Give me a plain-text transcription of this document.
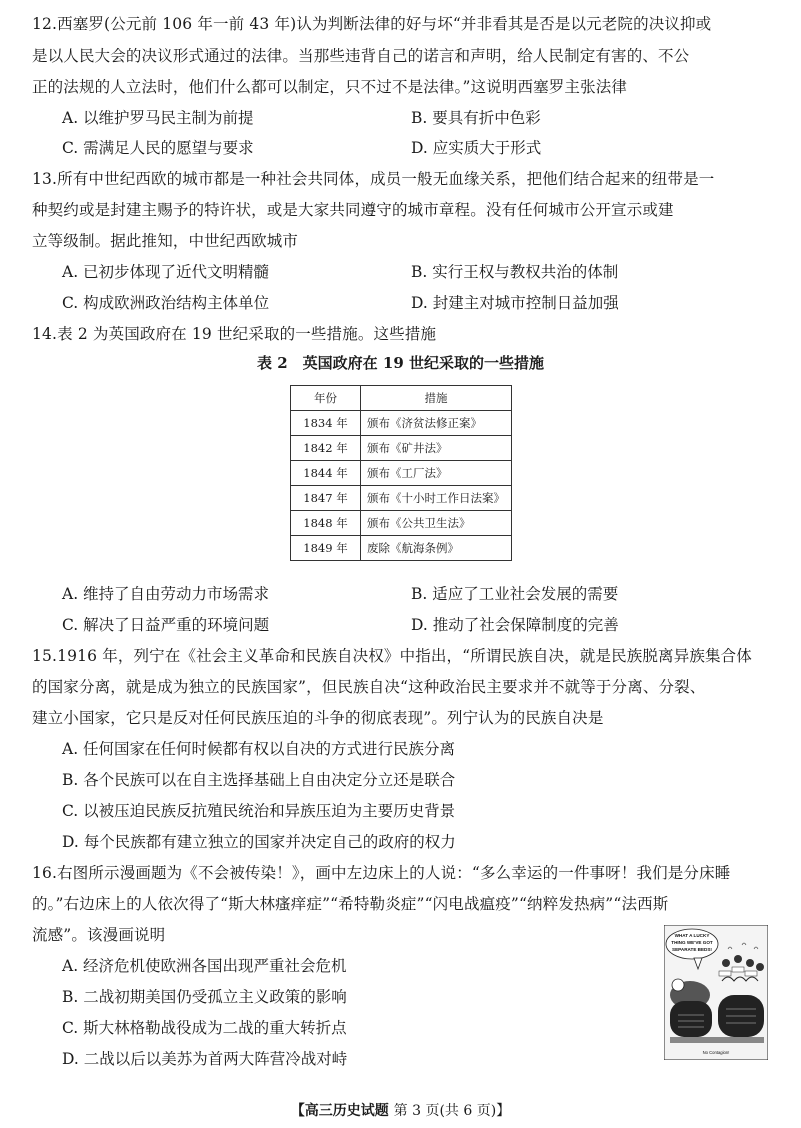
12.西塞罗(公元前 106 年一前 43 年)认为判断法律的好与坏“并非看其是否是以元老院的决议抑或
是以人民大会的决议形式通过的法律。当那些违背自己的诺言和声明，给人民制定有害的、不公
正的法规的人立法时，他们什么都可以制定，只不过不是法律。”这说明西塞罗主张法律
A. 以维护罗马民主制为前提	B. 要具有折中色彩
C. 需满足人民的愿望与要求	D. 应实质大于形式
13.所有中世纪西欧的城市都是一种社会共同体，成员一般无血缘关系，把他们结合起来的纽带是一
种契约或是封建主赐予的特许状，或是大家共同遵守的城市章程。没有任何城市公开宣示或建
立等级制。据此推知，中世纪西欧城市
A. 已初步体现了近代文明精髓	B. 实行王权与教权共治的体制
C. 构成欧洲政治结构主体单位	D. 封建主对城市控制日益加强
14.表 2 为英国政府在 19 世纪采取的一些措施。这些措施
表 2　英国政府在 19 世纪采取的一些措施
年份	措施
1834 年	颁布《济贫法修正案》
1842 年	颁布《矿井法》
1844 年	颁布《工厂法》
1847 年	颁布《十小时工作日法案》
1848 年	颁布《公共卫生法》
1849 年	废除《航海条例》
A. 维持了自由劳动力市场需求	B. 适应了工业社会发展的需要
C. 解决了日益严重的环境问题	D. 推动了社会保障制度的完善
15.1916 年，列宁在《社会主义革命和民族自决权》中指出，“所谓民族自决，就是民族脱离异族集合体
的国家分离，就是成为独立的民族国家”，但民族自决“这种政治民主要求并不就等于分离、分裂、
建立小国家，它只是反对任何民族压迫的斗争的彻底表现”。列宁认为的民族自决是
A. 任何国家在任何时候都有权以自决的方式进行民族分离
B. 各个民族可以在自主选择基础上自由决定分立还是联合
C. 以被压迫民族反抗殖民统治和异族压迫为主要历史背景
D. 每个民族都有建立独立的国家并决定自己的政府的权力
16.右图所示漫画题为《不会被传染！》，画中左边床上的人说：“多么幸运的一件事呀！我们是分床睡
的。”右边床上的人依次得了“斯大林瘙痒症”“希特勒炎症”“闪电战瘟疫”“纳粹发热病”“法西斯
流感”。该漫画说明
A. 经济危机使欧洲各国出现严重社会危机
B. 二战初期美国仍受孤立主义政策的影响
C. 斯大林格勒战役成为二战的重大转折点
D. 二战以后以美苏为首两大阵营冷战对峙
WHAT A LUCKY
THING WE'VE GOT
SEPARATE BEDS!
No Contagion!
【高三历史试题 第 3 页(共 6 页)】
